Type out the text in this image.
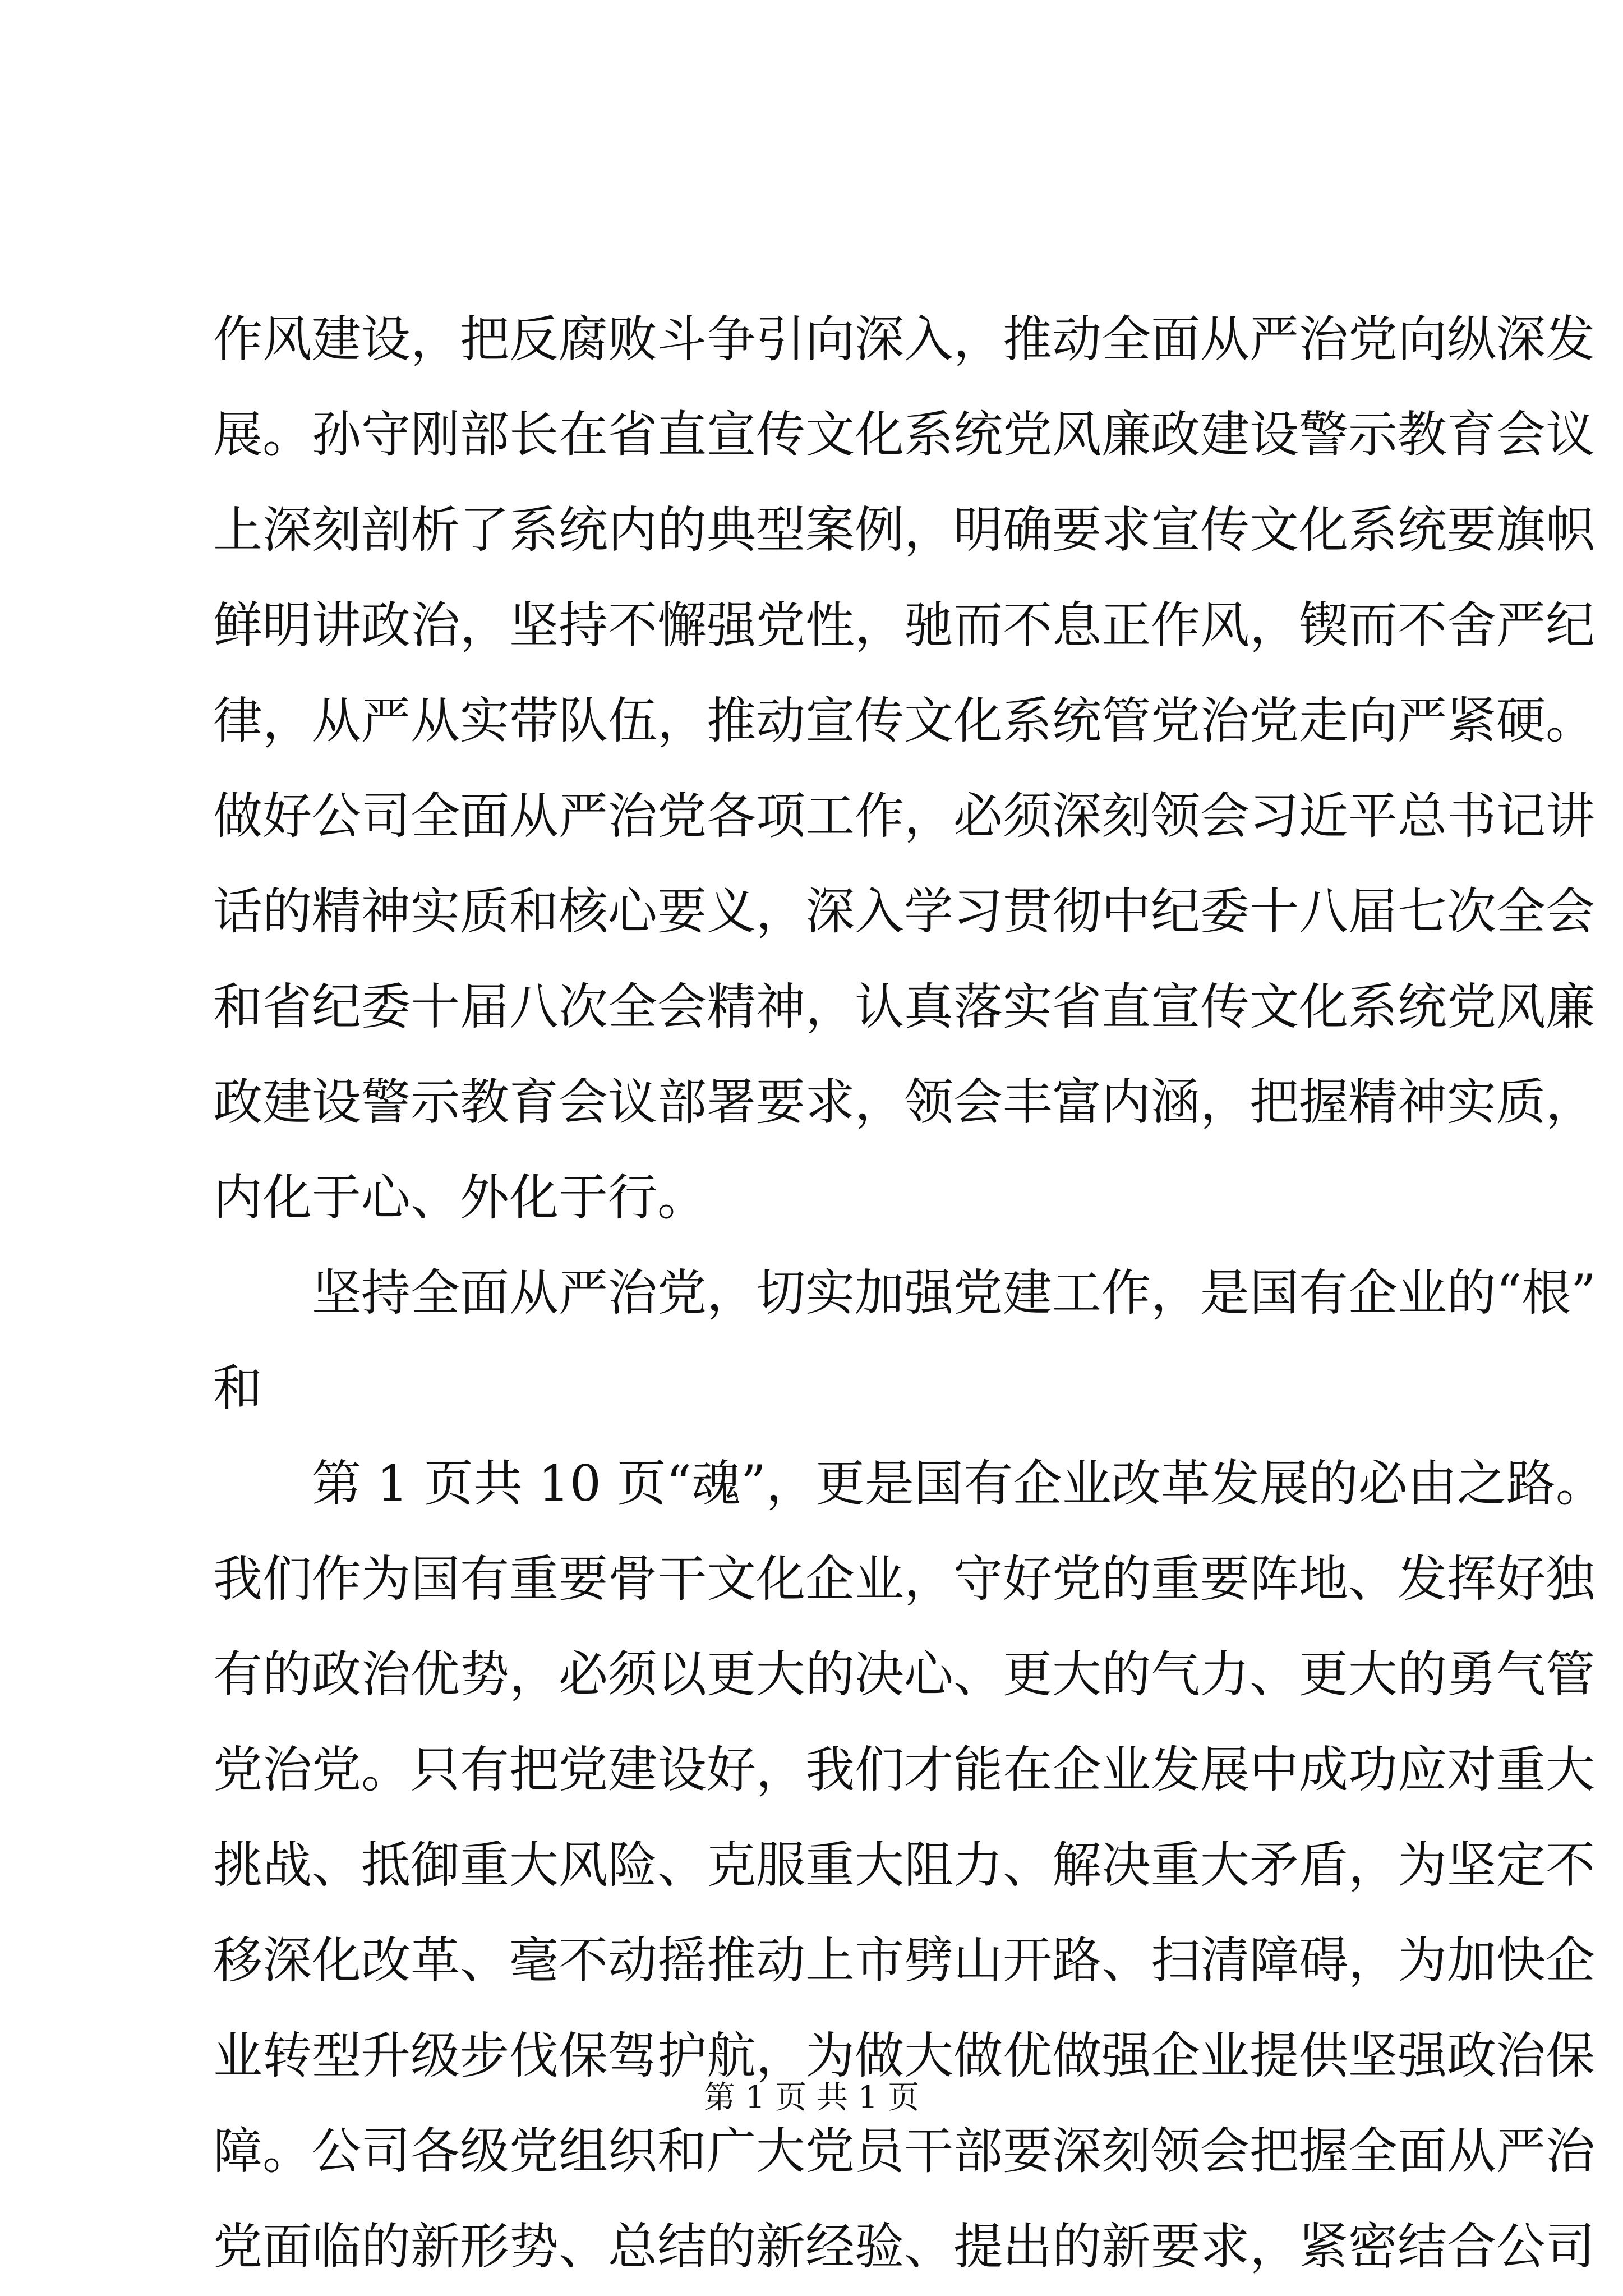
作风建设，把反腐败斗争引向深入，推动全面从严治党向纵深发
展。孙守刚部长在省直宣传文化系统党风廉政建设警示教育会议
上深刻剖析了系统内的典型案例，明确要求宣传文化系统要旗帜
鲜明讲政治，坚持不懈强党性，驰而不息正作风，锲而不舍严纪
律，从严从实带队伍，推动宣传文化系统管党治党走向严紧硬。
做好公司全面从严治党各项工作，必须深刻领会习近平总书记讲
话的精神实质和核心要义，深入学习贯彻中纪委十八届七次全会
和省纪委十届八次全会精神，认真落实省直宣传文化系统党风廉
政建设警示教育会议部署要求，领会丰富内涵，把握精神实质，
内化于心、外化于行。
坚持全面从严治党，切实加强党建工作，是国有企业的“根”
和
第 1 页共 10 页“魂”，更是国有企业改革发展的必由之路。
我们作为国有重要骨干文化企业，守好党的重要阵地、发挥好独
有的政治优势，必须以更大的决心、更大的气力、更大的勇气管
党治党。只有把党建设好，我们才能在企业发展中成功应对重大
挑战、抵御重大风险、克服重大阻力、解决重大矛盾，为坚定不
移深化改革、毫不动摇推动上市劈山开路、扫清障碍，为加快企
业转型升级步伐保驾护航，为做大做优做强企业提供坚强政治保
障。公司各级党组织和广大党员干部要深刻领会把握全面从严治
党面临的新形势、总结的新经验、提出的新要求，紧密结合公司
第 1 页 共 1 页
